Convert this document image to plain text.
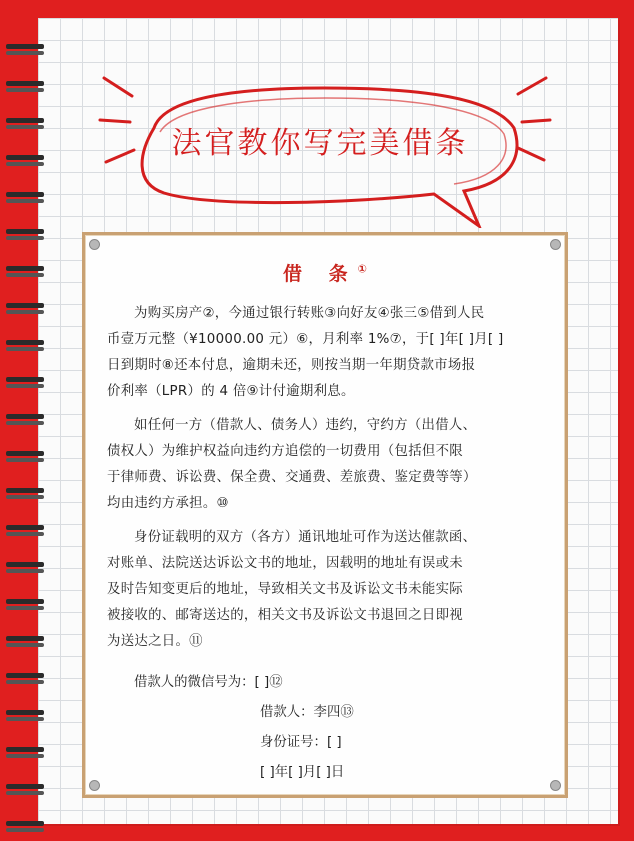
法官教你写完美借条
借 条①
为购买房产②，今通过银行转账③向好友④张三⑤借到人民
币壹万元整（¥10000.00 元）⑥，月利率 1%⑦，于[ ]年[ ]月[ ]
日到期时⑧还本付息，逾期未还，则按当期一年期贷款市场报
价利率（LPR）的 4 倍⑨计付逾期利息。
如任何一方（借款人、债务人）违约，守约方（出借人、
债权人）为维护权益向违约方追偿的一切费用（包括但不限
于律师费、诉讼费、保全费、交通费、差旅费、鉴定费等等）
均由违约方承担。⑩
身份证载明的双方（各方）通讯地址可作为送达催款函、
对账单、法院送达诉讼文书的地址，因载明的地址有误或未
及时告知变更后的地址，导致相关文书及诉讼文书未能实际
被接收的、邮寄送达的，相关文书及诉讼文书退回之日即视
为送达之日。⑪
借款人的微信号为：[ ]⑫
借款人：李四⑬
身份证号：[ ]
[ ]年[ ]月[ ]日
